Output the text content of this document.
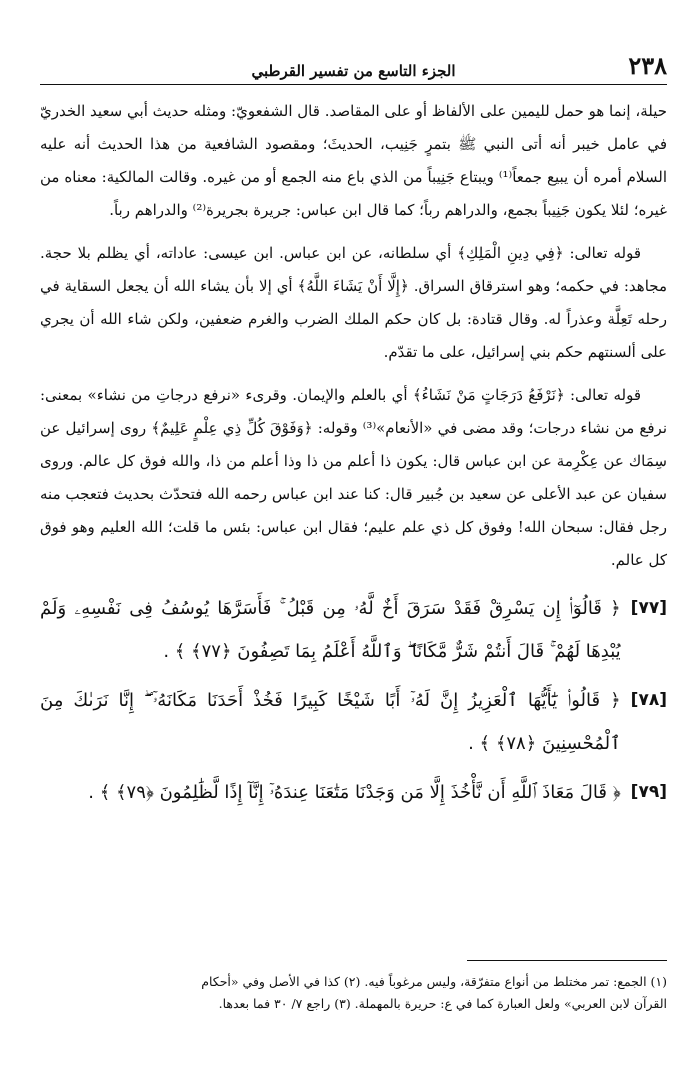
٢٣٨
الجزء التاسع من تفسير القرطبي

حيلة، إنما هو حمل لليمين على الألفاظ أو على المقاصد. قال الشفعويّ: ومثله حديث أبي سعيد الخدريّ في عامل خيبر أنه أتى النبي ﷺ بتمرٍ جَنِيب، الحديثَ؛ ومقصود الشافعية من هذا الحديث أنه عليه السلام أمره أن يبيع جمعاً⁽¹⁾ ويبتاع جَنِيباً من الذي باع منه الجمع أو من غيره. وقالت المالكية: معناه من غيره؛ لئلا يكون جَنِيباً بجمع، والدراهم رباً؛ كما قال ابن عباس: جريرة بجريرة⁽²⁾ والدراهم رباً.

قوله تعالى: ﴿فِي دِينِ الْمَلِكِ﴾ أي سلطانه، عن ابن عباس. ابن عيسى: عاداته، أي يظلم بلا حجة. مجاهد: في حكمه؛ وهو استرقاق السراق. ﴿إِلَّا أَنْ يَشَاءَ اللَّهُ﴾ أي إلا بأن يشاء الله أن يجعل السقاية في رحله تَعِلَّة وعذراً له. وقال قتادة: بل كان حكم الملك الضرب والغرم ضعفين، ولكن شاء الله أن يجري على ألسنتهم حكم بني إسرائيل، على ما تقدّم.

قوله تعالى: ﴿نَرْفَعُ دَرَجَاتٍ مَنْ نَشَاءُ﴾ أي بالعلم والإيمان. وقرىء «نرفع درجاتِ من نشاء» بمعنى: نرفع من نشاء درجات؛ وقد مضى في «الأنعام»⁽³⁾ وقوله: ﴿وَفَوْقَ كُلِّ ذِي عِلْمٍ عَلِيمٌ﴾ روى إسرائيل عن سِمَاك عن عِكْرِمة عن ابن عباس قال: يكون ذا أعلم من ذا وذا أعلم من ذا، والله فوق كل عالم. وروى سفيان عن عبد الأعلى عن سعيد بن جُبير قال: كنا عند ابن عباس رحمه الله فتحدّث بحديث فتعجب منه رجل فقال: سبحان الله! وفوق كل ذي علم عليم؛ فقال ابن عباس: بئس ما قلت؛ الله العليم وهو فوق كل عالم.

[٧٧]
﴿ قَالُوٓا۟ إِن يَسْرِقْ فَقَدْ سَرَقَ أَخٌ لَّهُۥ مِن قَبْلُ ۚ فَأَسَرَّهَا يُوسُفُ فِى نَفْسِهِۦ وَلَمْ يُبْدِهَا لَهُمْ ۚ قَالَ أَنتُمْ شَرٌّ مَّكَانًا ۖ وَٱللَّهُ أَعْلَمُ بِمَا تَصِفُونَ ﴿٧٧﴾ ﴾ .
[٧٨]
﴿ قَالُوا۟ يَٰٓأَيُّهَا ٱلْعَزِيزُ إِنَّ لَهُۥٓ أَبًا شَيْخًا كَبِيرًا فَخُذْ أَحَدَنَا مَكَانَهُۥٓ ۖ إِنَّا نَرَىٰكَ مِنَ ٱلْمُحْسِنِينَ ﴿٧٨﴾ ﴾ .
[٧٩]
﴿ قَالَ مَعَاذَ ٱللَّهِ أَن نَّأْخُذَ إِلَّا مَن وَجَدْنَا مَتَٰعَنَا عِندَهُۥٓ إِنَّآ إِذًا لَّظَٰلِمُونَ ﴿٧٩﴾ ﴾ .

(١) الجمع: تمر مختلط من أنواع متفرّقة، وليس مرغوباً فيه. (٢) كذا في الأصل وفي «أحكام

القرآن لابن العربي» ولعل العبارة كما في ع: حريرة بالمهملة. (٣) راجع ٧/ ٣٠ فما بعدها.
